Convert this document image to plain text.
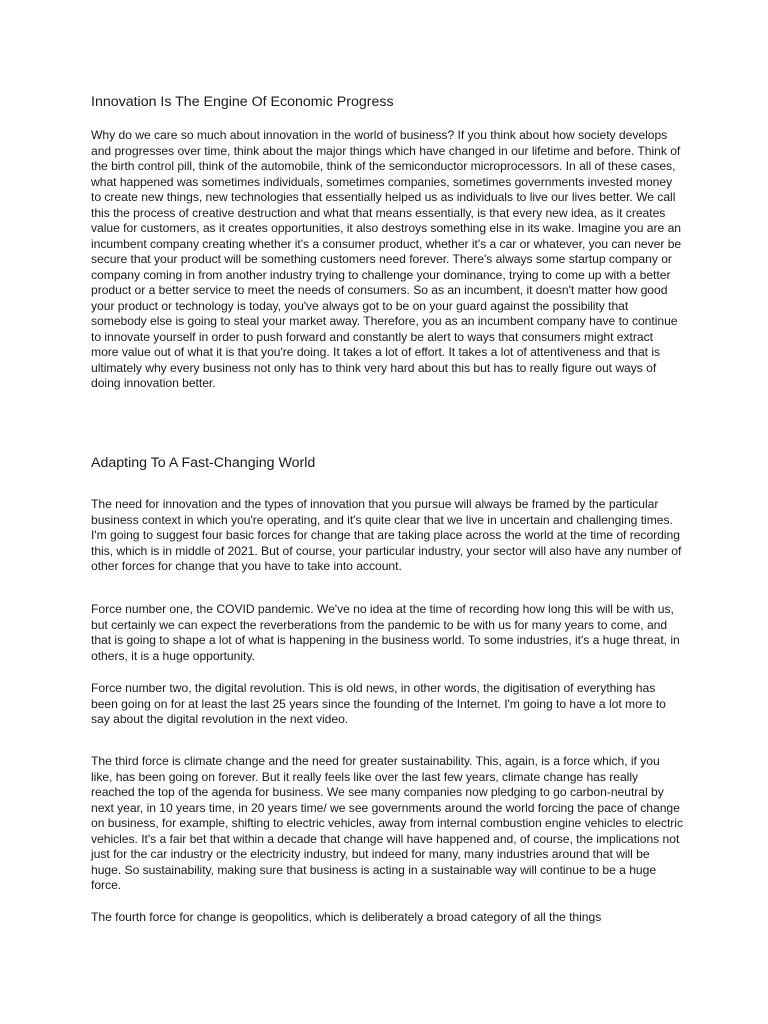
Innovation Is The Engine Of Economic Progress

Why do we care so much about innovation in the world of business? If you think about how society develops and progresses over time, think about the major things which have changed in our lifetime and before. Think of the birth control pill, think of the automobile, think of the semiconductor microprocessors. In all of these cases, what happened was sometimes individuals, sometimes companies, sometimes governments invested money to create new things, new technologies that essentially helped us as individuals to live our lives better. We call this the process of creative destruction and what that means essentially, is that every new idea, as it creates value for customers, as it creates opportunities, it also destroys something else in its wake. Imagine you are an incumbent company creating whether it's a consumer product, whether it's a car or whatever, you can never be secure that your product will be something customers need forever. There's always some startup company or company coming in from another industry trying to challenge your dominance, trying to come up with a better product or a better service to meet the needs of consumers. So as an incumbent, it doesn't matter how good your product or technology is today, you've always got to be on your guard against the possibility that somebody else is going to steal your market away. Therefore, you as an incumbent company have to continue to innovate yourself in order to push forward and constantly be alert to ways that consumers might extract more value out of what it is that you're doing. It takes a lot of effort. It takes a lot of attentiveness and that is ultimately why every business not only has to think very hard about this but has to really figure out ways of doing innovation better.

Adapting To A Fast-Changing World

The need for innovation and the types of innovation that you pursue will always be framed by the particular business context in which you're operating, and it's quite clear that we live in uncertain and challenging times. I'm going to suggest four basic forces for change that are taking place across the world at the time of recording this, which is in middle of 2021. But of course, your particular industry, your sector will also have any number of other forces for change that you have to take into account.

Force number one, the COVID pandemic. We've no idea at the time of recording how long this will be with us, but certainly we can expect the reverberations from the pandemic to be with us for many years to come, and that is going to shape a lot of what is happening in the business world. To some industries, it's a huge threat, in others, it is a huge opportunity.

Force number two, the digital revolution. This is old news, in other words, the digitisation of everything has been going on for at least the last 25 years since the founding of the Internet. I'm going to have a lot more to say about the digital revolution in the next video.

The third force is climate change and the need for greater sustainability. This, again, is a force which, if you like, has been going on forever. But it really feels like over the last few years, climate change has really reached the top of the agenda for business. We see many companies now pledging to go carbon-neutral by next year, in 10 years time, in 20 years time/ we see governments around the world forcing the pace of change on business, for example, shifting to electric vehicles, away from internal combustion engine vehicles to electric vehicles. It's a fair bet that within a decade that change will have happened and, of course, the implications not just for the car industry or the electricity industry, but indeed for many, many industries around that will be huge. So sustainability, making sure that business is acting in a sustainable way will continue to be a huge force.

The fourth force for change is geopolitics, which is deliberately a broad category of all the things
